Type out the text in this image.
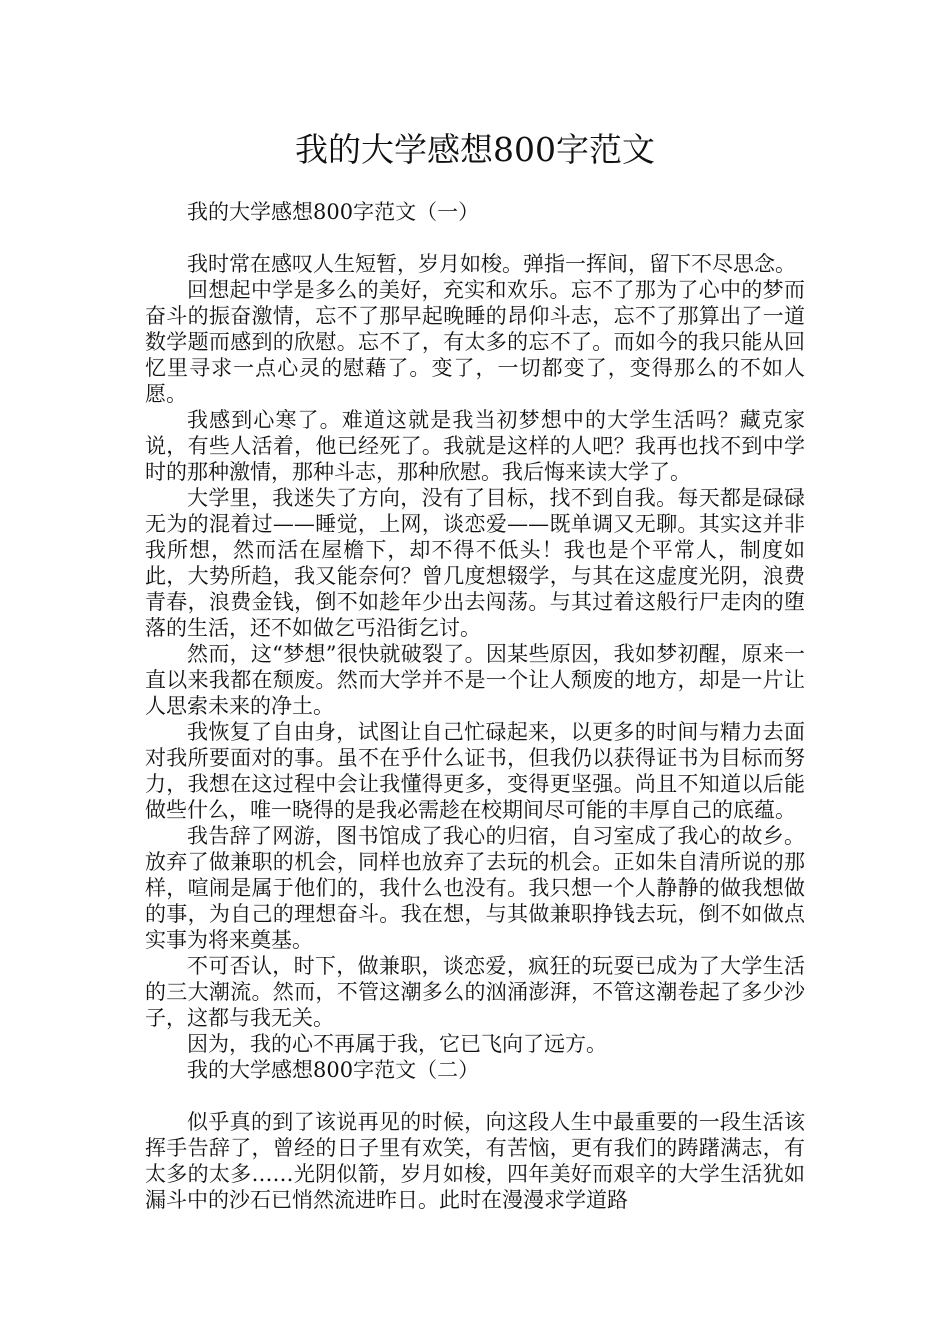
我的大学感想800字范文

我的大学感想800字范文（一）

我时常在感叹人生短暂，岁月如梭。弹指一挥间，留下不尽思念。

回想起中学是多么的美好，充实和欢乐。忘不了那为了心中的梦而奋斗的振奋激情，忘不了那早起晚睡的昂仰斗志，忘不了那算出了一道数学题而感到的欣慰。忘不了，有太多的忘不了。而如今的我只能从回忆里寻求一点心灵的慰藉了。变了，一切都变了，变得那么的不如人愿。

我感到心寒了。难道这就是我当初梦想中的大学生活吗？藏克家说，有些人活着，他已经死了。我就是这样的人吧？我再也找不到中学时的那种激情，那种斗志，那种欣慰。我后悔来读大学了。

大学里，我迷失了方向，没有了目标，找不到自我。每天都是碌碌无为的混着过——睡觉，上网，谈恋爱——既单调又无聊。其实这并非我所想，然而活在屋檐下，却不得不低头！我也是个平常人，制度如此，大势所趋，我又能奈何？曾几度想辍学，与其在这虚度光阴，浪费青春，浪费金钱，倒不如趁年少出去闯荡。与其过着这般行尸走肉的堕落的生活，还不如做乞丐沿街乞讨。

然而，这“梦想”很快就破裂了。因某些原因，我如梦初醒，原来一直以来我都在颓废。然而大学并不是一个让人颓废的地方，却是一片让人思索未来的净土。

我恢复了自由身，试图让自己忙碌起来，以更多的时间与精力去面对我所要面对的事。虽不在乎什么证书，但我仍以获得证书为目标而努力，我想在这过程中会让我懂得更多，变得更坚强。尚且不知道以后能做些什么，唯一晓得的是我必需趁在校期间尽可能的丰厚自己的底蕴。

我告辞了网游，图书馆成了我心的归宿，自习室成了我心的故乡。放弃了做兼职的机会，同样也放弃了去玩的机会。正如朱自清所说的那样，喧闹是属于他们的，我什么也没有。我只想一个人静静的做我想做的事，为自己的理想奋斗。我在想，与其做兼职挣钱去玩，倒不如做点实事为将来奠基。

不可否认，时下，做兼职，谈恋爱，疯狂的玩耍已成为了大学生活的三大潮流。然而，不管这潮多么的汹涌澎湃，不管这潮卷起了多少沙子，这都与我无关。

因为，我的心不再属于我，它已飞向了远方。

我的大学感想800字范文（二）

似乎真的到了该说再见的时候，向这段人生中最重要的一段生活该挥手告辞了，曾经的日子里有欢笑，有苦恼，更有我们的踌躇满志，有太多的太多……光阴似箭，岁月如梭，四年美好而艰辛的大学生活犹如漏斗中的沙石已悄然流进昨日。此时在漫漫求学道路
